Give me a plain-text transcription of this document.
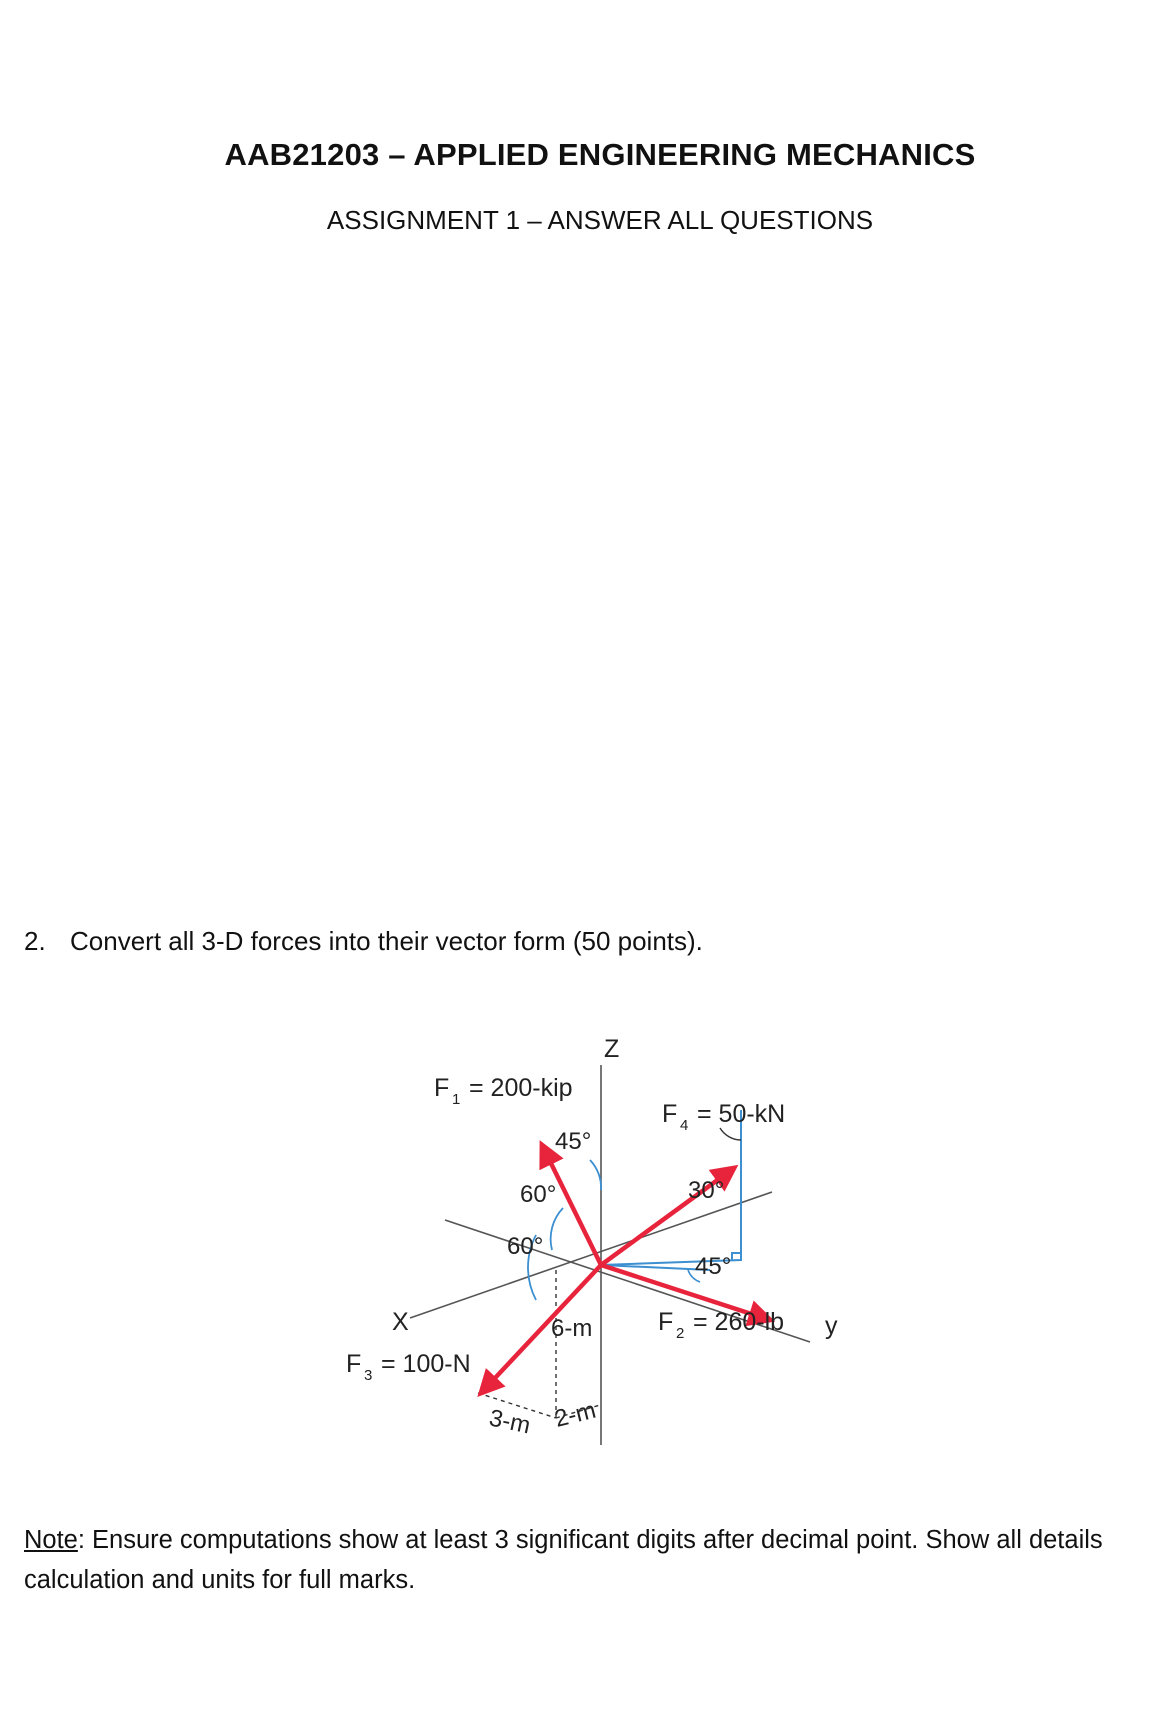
AAB21203 – APPLIED ENGINEERING MECHANICS
ASSIGNMENT 1 – ANSWER ALL QUESTIONS
2. Convert all 3-D forces into their vector form (50 points).
Z
X	y
F 1 = 200-kip
F 4 = 50-kN
F 2 = 260-lb
F 3 = 100-N
45°
60°
60°
30°
45°
6-m
3-m 2-m
Note: Ensure computations show at least 3 significant digits after decimal point. Show all details calculation and units for full marks.
